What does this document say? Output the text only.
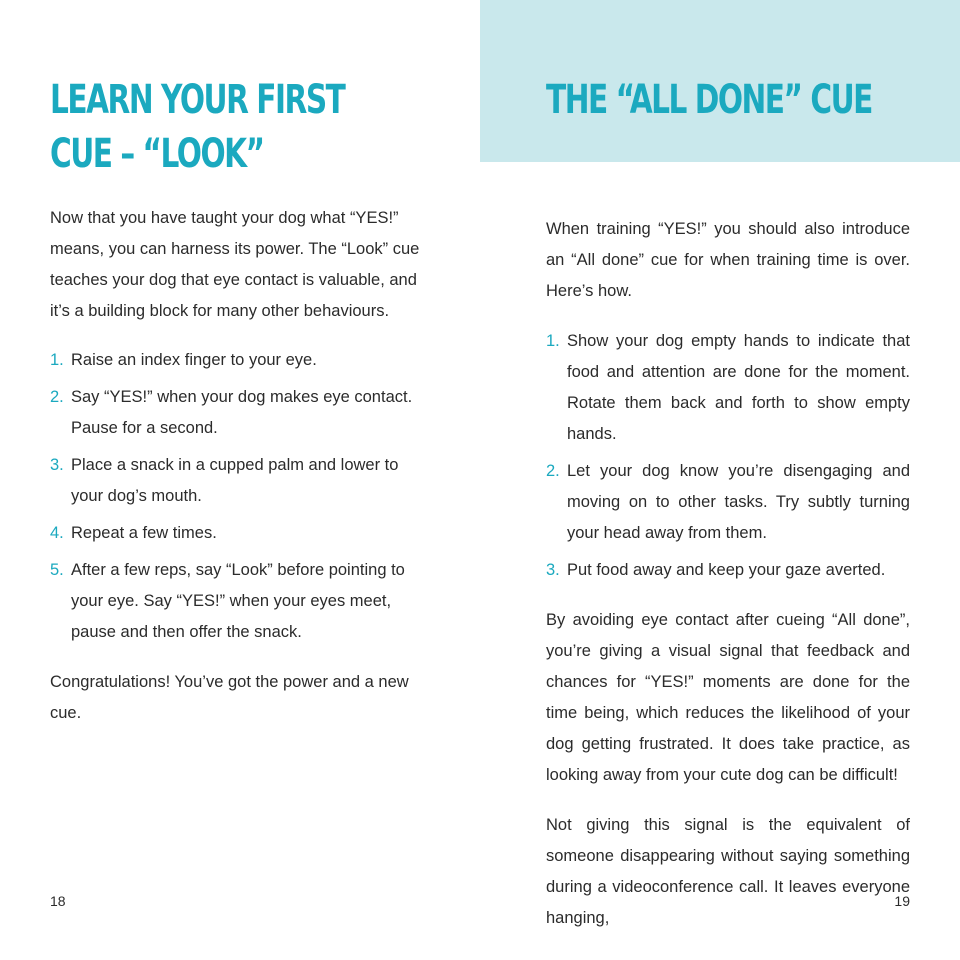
LEARN YOUR FIRST
CUE – “LOOK”

Now that you have taught your dog what “YES!” means, you can harness its power. The “Look” cue teaches your dog that eye contact is valuable, and it’s a building block for many other behaviours.

1. Raise an index finger to your eye.
2. Say “YES!” when your dog makes eye contact. Pause for a second.
3. Place a snack in a cupped palm and lower to your dog’s mouth.
4. Repeat a few times.
5. After a few reps, say “Look” before pointing to your eye. Say “YES!” when your eyes meet, pause and then offer the snack.

Congratulations! You’ve got the power and a new cue.

18
THE “ALL DONE” CUE

When training “YES!” you should also introduce an “All done” cue for when training time is over. Here’s how.

1. Show your dog empty hands to indicate that food and attention are done for the moment. Rotate them back and forth to show empty hands.
2. Let your dog know you’re disengaging and moving on to other tasks. Try subtly turning your head away from them.
3. Put food away and keep your gaze averted.

By avoiding eye contact after cueing “All done”, you’re giving a visual signal that feedback and chances for “YES!” moments are done for the time being, which reduces the likelihood of your dog getting frustrated. It does take practice, as looking away from your cute dog can be difficult!

Not giving this signal is the equivalent of someone disappearing without saying something during a videoconference call. It leaves everyone hanging,

19
